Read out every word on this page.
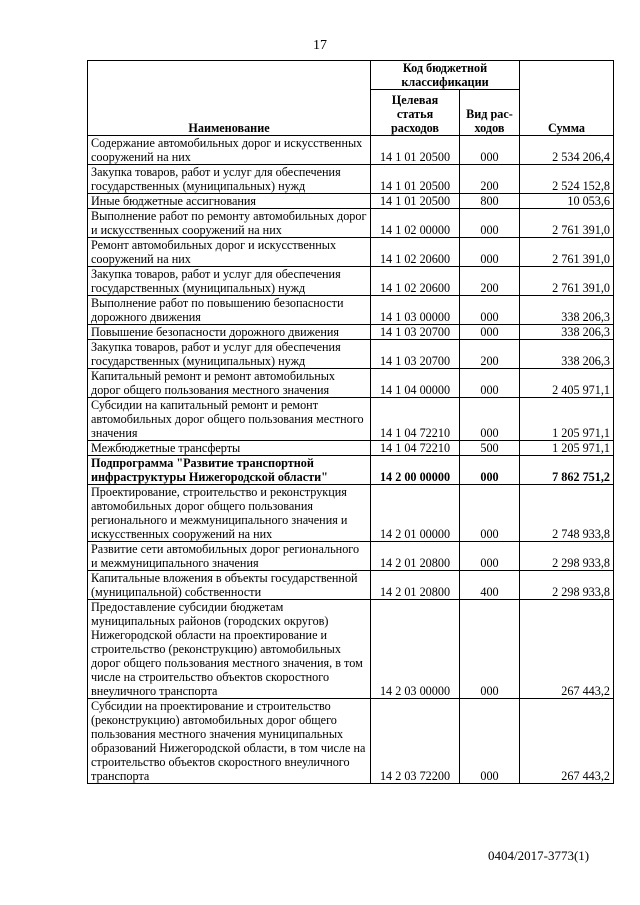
17
Наименование	Код бюджетной классификации		Сумма
	Целевая статья расходов	Вид рас-ходов	
Содержание автомобильных дорог и искусственных сооружений на них	14 1 01 20500	000	2 534 206,4
Закупка товаров, работ и услуг для обеспечения государственных (муниципальных) нужд	14 1 01 20500	200	2 524 152,8
Иные бюджетные ассигнования	14 1 01 20500	800	10 053,6
Выполнение работ по ремонту автомобильных дорог и искусственных сооружений на них	14 1 02 00000	000	2 761 391,0
Ремонт автомобильных дорог и искусственных сооружений на них	14 1 02 20600	000	2 761 391,0
Закупка товаров, работ и услуг для обеспечения государственных (муниципальных) нужд	14 1 02 20600	200	2 761 391,0
Выполнение работ по повышению безопасности дорожного движения	14 1 03 00000	000	338 206,3
Повышение безопасности дорожного движения	14 1 03 20700	000	338 206,3
Закупка товаров, работ и услуг для обеспечения государственных (муниципальных) нужд	14 1 03 20700	200	338 206,3
Капитальный ремонт и ремонт автомобильных дорог общего пользования местного значения	14 1 04 00000	000	2 405 971,1
Субсидии на капитальный ремонт и ремонт автомобильных дорог общего пользования местного значения	14 1 04 72210	000	1 205 971,1
Межбюджетные трансферты	14 1 04 72210	500	1 205 971,1
Подпрограмма "Развитие транспортной инфраструктуры Нижегородской области"	14 2 00 00000	000	7 862 751,2
Проектирование, строительство и реконструкция автомобильных дорог общего пользования регионального и межмуниципального значения и искусственных сооружений на них	14 2 01 00000	000	2 748 933,8
Развитие сети автомобильных дорог регионального и межмуниципального значения	14 2 01 20800	000	2 298 933,8
Капитальные вложения в объекты государственной (муниципальной) собственности	14 2 01 20800	400	2 298 933,8
Предоставление субсидии бюджетам муниципальных районов (городских округов) Нижегородской области на проектирование и строительство (реконструкцию) автомобильных дорог общего пользования местного значения, в том числе на строительство объектов скоростного внеуличного транспорта	14 2 03 00000	000	267 443,2
Субсидии на проектирование и строительство (реконструкцию) автомобильных дорог общего пользования местного значения муниципальных образований Нижегородской области, в том числе на строительство объектов скоростного внеуличного транспорта	14 2 03 72200	000	267 443,2
0404/2017-3773(1)
